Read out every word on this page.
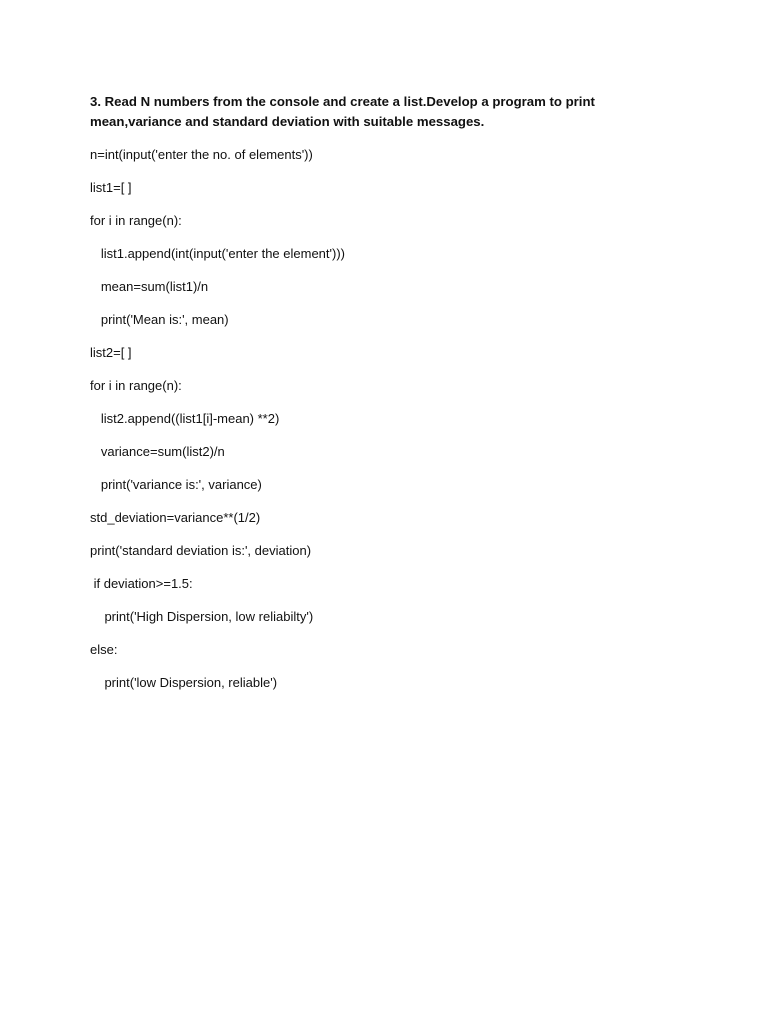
3. Read N numbers from the console and create a list.Develop a program to print mean,variance and standard deviation with suitable messages.

n=int(input('enter the no. of elements'))
list1=[ ]
for i in range(n):
list1.append(int(input('enter the element')))
mean=sum(list1)/n
print('Mean is:', mean)
list2=[ ]
for i in range(n):
list2.append((list1[i]-mean) **2)
variance=sum(list2)/n
print('variance is:', variance)
std_deviation=variance**(1/2)
print('standard deviation is:', deviation)
if deviation>=1.5:
print('High Dispersion, low reliabilty')
else:
print('low Dispersion, reliable')
